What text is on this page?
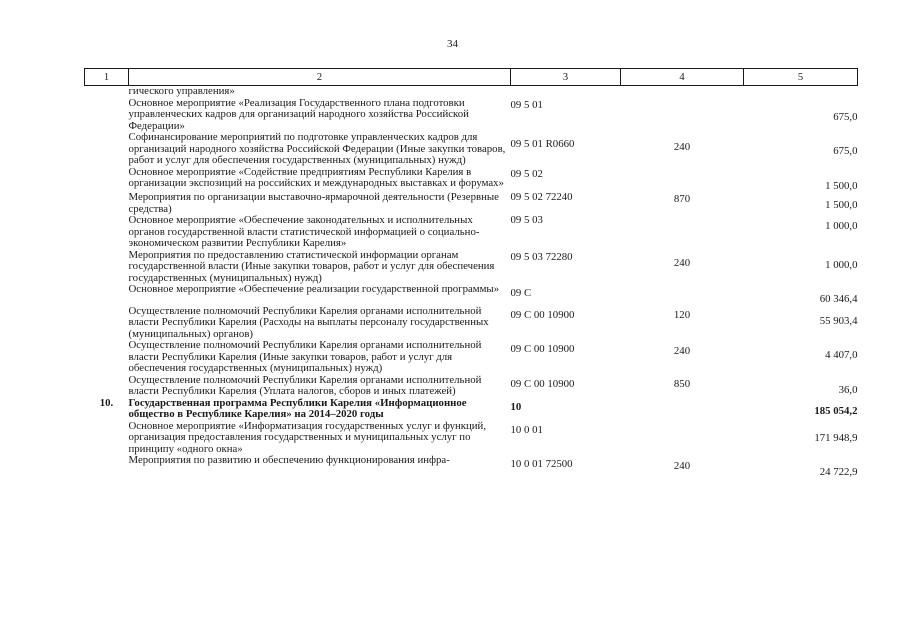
34
1	2	3	4	5
	гического управления»			
	Основное мероприятие «Реализация Государственного плана подготовки управленческих кадров для организаций народного хозяйства Российской Федерации»	09 5 01		675,0
	Софинансирование мероприятий по подготовке управленческих кадров для организаций народного хозяйства Российской Федерации (Иные закупки товаров, работ и услуг для обеспечения государственных (муниципальных) нужд)	09 5 01 R0660	240	675,0
	Основное мероприятие «Содействие предприятиям Республики Карелия в организации экспозиций на российских и международных выставках и форумах»	09 5 02		1 500,0
	Мероприятия по организации выставочно-ярмарочной деятельности (Резервные средства)	09 5 02 72240	870	1 500,0
	Основное мероприятие «Обеспечение законодательных и исполнительных органов государственной власти статистической информацией о социально-экономическом развитии Республики Карелия»	09 5 03		1 000,0
	Мероприятия по предоставлению статистической информации органам государственной власти (Иные закупки товаров, работ и услуг для обеспечения государственных (муниципальных) нужд)	09 5 03 72280	240	1 000,0
	Основное мероприятие «Обеспечение реализации государственной программы»	09 С		60 346,4
	Осуществление полномочий Республики Карелия органами исполнительной власти Республики Карелия (Расходы на выплаты персоналу государственных (муниципальных) органов)	09 С 00 10900	120	55 903,4
	Осуществление полномочий Республики Карелия органами исполнительной власти Республики Карелия (Иные закупки товаров, работ и услуг для обеспечения государственных (муниципальных) нужд)	09 С 00 10900	240	4 407,0
	Осуществление полномочий Республики Карелия органами исполнительной власти Республики Карелия (Уплата налогов, сборов и иных платежей)	09 С 00 10900	850	36,0
10.	Государственная программа Республики Карелия «Информационное общество в Республике Карелия» на 2014–2020 годы	10		185 054,2
	Основное мероприятие «Информатизация государственных услуг и функций, организация предоставления государственных и муниципальных услуг по принципу «одного окна»	10 0 01		171 948,9
	Мероприятия по развитию и обеспечению функционирования инфра-	10 0 01 72500	240	24 722,9
